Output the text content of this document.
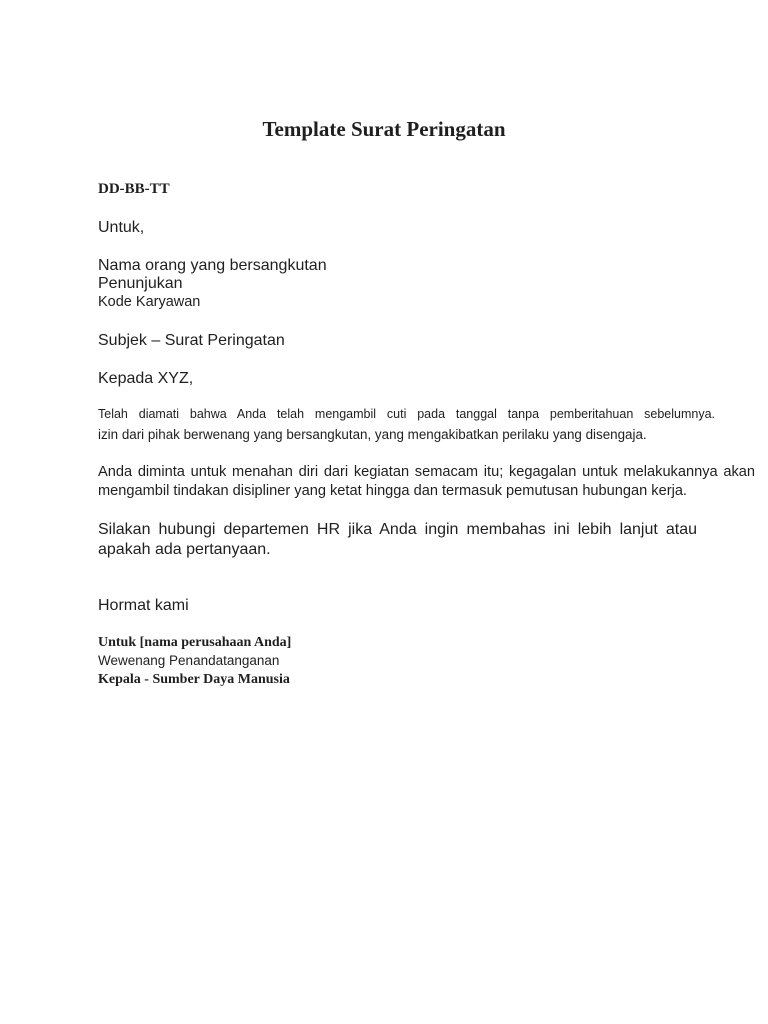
Template Surat Peringatan
DD-BB-TT
Untuk,
Nama orang yang bersangkutan
Penunjukan
Kode Karyawan
Subjek – Surat Peringatan
Kepada XYZ,
Telah diamati bahwa Anda telah mengambil cuti pada tanggal tanpa pemberitahuan sebelumnya.
izin dari pihak berwenang yang bersangkutan, yang mengakibatkan perilaku yang disengaja.
Anda diminta untuk menahan diri dari kegiatan semacam itu; kegagalan untuk melakukannya akan
mengambil tindakan disipliner yang ketat hingga dan termasuk pemutusan hubungan kerja.
Silakan hubungi departemen HR jika Anda ingin membahas ini lebih lanjut atau
apakah ada pertanyaan.
Hormat kami
Untuk [nama perusahaan Anda]
Wewenang Penandatanganan
Kepala - Sumber Daya Manusia
